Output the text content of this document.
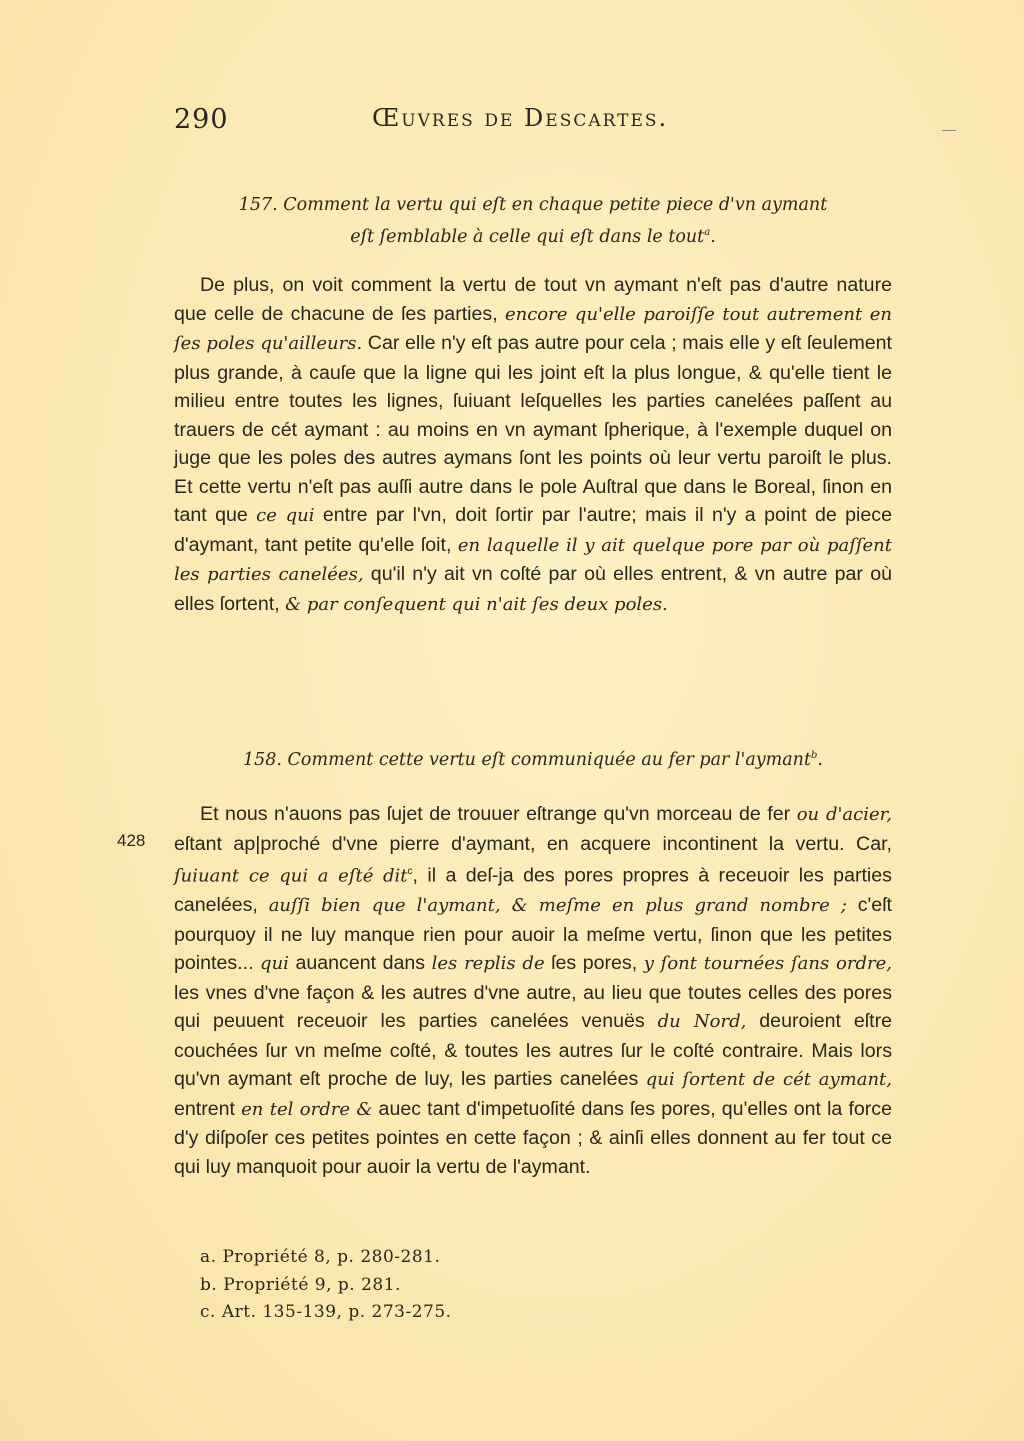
290	Œuvres de Descartes.
157. Comment la vertu qui eſt en chaque petite piece d'vn aymant
eſt ſemblable à celle qui eſt dans le tout$^a$.

De plus, on voit comment la vertu de tout vn aymant n'eſt pas d'autre nature que celle de chacune de ſes parties, encore qu'elle paroiſſe tout autrement en ſes poles qu'ailleurs. Car elle n'y eſt pas autre pour cela ; mais elle y eſt ſeulement plus grande, à cauſe que la ligne qui les joint eſt la plus longue, & qu'elle tient le milieu entre toutes les lignes, ſuiuant leſquelles les parties canelées paſſent au trauers de cét aymant : au moins en vn aymant ſpherique, à l'exemple duquel on juge que les poles des autres aymans ſont les points où leur vertu paroiſt le plus. Et cette vertu n'eſt pas auſſi autre dans le pole Auſtral que dans le Boreal, ſinon en tant que ce qui entre par l'vn, doit ſortir par l'autre; mais il n'y a point de piece d'aymant, tant petite qu'elle ſoit, en laquelle il y ait quelque pore par où paſſent les parties canelées, qu'il n'y ait vn coſté par où elles entrent, & vn autre par où elles ſortent, & par conſequent qui n'ait ſes deux poles.

158. Comment cette vertu eſt communiquée au fer par l'aymant$^b$.

Et nous n'auons pas ſujet de trouuer eſtrange qu'vn morceau de fer ou d'acier, eſtant ap|proché d'vne pierre d'aymant, en acquere incontinent la vertu. Car, ſuiuant ce qui a eſté dit$^c$, il a deſ-ja des pores propres à receuoir les parties canelées, auſſi bien que l'aymant, & meſme en plus grand nombre ; c'eſt pourquoy il ne luy manque rien pour auoir la meſme vertu, ſinon que les petites pointes... qui auancent dans les replis de ſes pores, y ſont tournées ſans ordre, les vnes d'vne façon & les autres d'vne autre, au lieu que toutes celles des pores qui peuuent receuoir les parties canelées venuës du Nord, deuroient eſtre couchées ſur vn meſme coſté, & toutes les autres ſur le coſté contraire. Mais lors qu'vn aymant eſt proche de luy, les parties canelées qui ſortent de cét aymant, entrent en tel ordre & auec tant d'impetuoſité dans ſes pores, qu'elles ont la force d'y diſpoſer ces petites pointes en cette façon ; & ainſi elles donnent au fer tout ce qui luy manquoit pour auoir la vertu de l'aymant.

a. Propriété 8, p. 280-281.
b. Propriété 9, p. 281.
c. Art. 135-139, p. 273-275.
428
